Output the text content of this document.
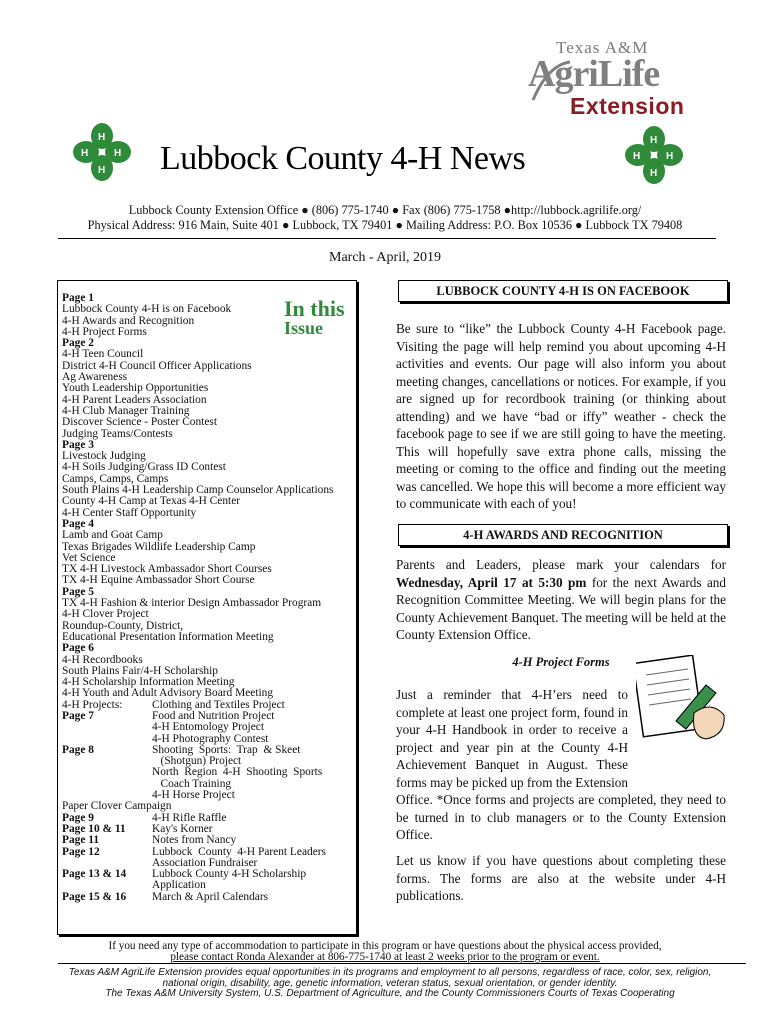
Texas A&M
AgriLife
Extension
H
H
H	H Lubbock County 4-H News	H
H
H	H
Lubbock County Extension Office ● (806) 775-1740 ● Fax (806) 775-1758 ●http://lubbock.agrilife.org/
Physical Address: 916 Main, Suite 401 ● Lubbock, TX 79401 ● Mailing Address: P.O. Box 10536 ● Lubbock TX 79408
March - April, 2019
Page 1
Lubbock County 4-H is on Facebook
4-H Awards and Recognition
4-H Project Forms
Page 2
4-H Teen Council
District 4-H Council Officer Applications
Ag Awareness
Youth Leadership Opportunities
4-H Parent Leaders Association
4-H Club Manager Training
Discover Science - Poster Contest
Judging Teams/Contests
Page 3
Livestock Judging
4-H Soils Judging/Grass ID Contest
Camps, Camps, Camps
South Plains 4-H Leadership Camp Counselor Applications
County 4-H Camp at Texas 4-H Center
4-H Center Staff Opportunity
Page 4
Lamb and Goat Camp
Texas Brigades Wildlife Leadership Camp
Vet Science
TX 4-H Livestock Ambassador Short Courses
TX 4-H Equine Ambassador Short Course
Page 5
TX 4-H Fashion & interior Design Ambassador Program
4-H Clover Project
Roundup-County, District,
Educational Presentation Information Meeting
Page 6
4-H Recordbooks
South Plains Fair/4-H Scholarship
4-H Scholarship Information Meeting
4-H Youth and Adult Advisory Board Meeting
4-H Projects:	Clothing and Textiles Project
Page 7	Food and Nutrition Project
4-H Entomology Project
4-H Photography Contest
Page 8	Shooting  Sports:  Trap  & Skeet
(Shotgun) Project
North  Region  4-H  Shooting  Sports
Coach Training
4-H Horse Project
Paper Clover Campaign
Page 9	4-H Rifle Raffle
Page 10 & 11	Kay's Korner
Page 11	Notes from Nancy
Page 12	Lubbock  County  4-H Parent Leaders
Association Fundraiser
Page 13 & 14	Lubbock County 4-H Scholarship
Application
Page 15 & 16	March & April Calendars
In this
Issue
LUBBOCK COUNTY 4-H IS ON FACEBOOK
Be sure to “like” the Lubbock County 4-H Facebook page. Visiting the page will help remind you about upcoming 4-H activities and events. Our page will also inform you about meeting changes, cancellations or notices. For example, if you are signed up for recordbook training (or thinking about attending) and we have “bad or iffy” weather - check the facebook page to see if we are still going to have the meeting. This will hopefully save extra phone calls, missing the meeting or coming to the office and finding out the meeting was cancelled. We hope this will become a more efficient way to communicate with each of you!
4-H AWARDS AND RECOGNITION
Parents and Leaders, please mark your calendars for Wednesday, April 17 at 5:30 pm for the next Awards and Recognition Committee Meeting. We will begin plans for the County Achievement Banquet. The meeting will be held at the County Extension Office.
4-H Project Forms
Just a reminder that 4-H’ers need to complete at least one project form, found in your 4-H Handbook in order to receive a project and year pin at the County 4-H Achievement Banquet in August. These forms may be picked up from the Extension Office. *Once forms and projects are completed, they need to be turned in to club managers or to the County Extension Office.
Let us know if you have questions about completing these forms. The forms are also at the website under 4-H publications.
If you need any type of accommodation to participate in this program or have questions about the physical access provided,
please contact Ronda Alexander at 806-775-1740 at least 2 weeks prior to the program or event.
Texas A&M AgriLife Extension provides equal opportunities in its programs and employment to all persons, regardless of race, color, sex, religion, national origin, disability, age, genetic information, veteran status, sexual orientation, or gender identity.
The Texas A&M University System, U.S. Department of Agriculture, and the County Commissioners Courts of Texas Cooperating
